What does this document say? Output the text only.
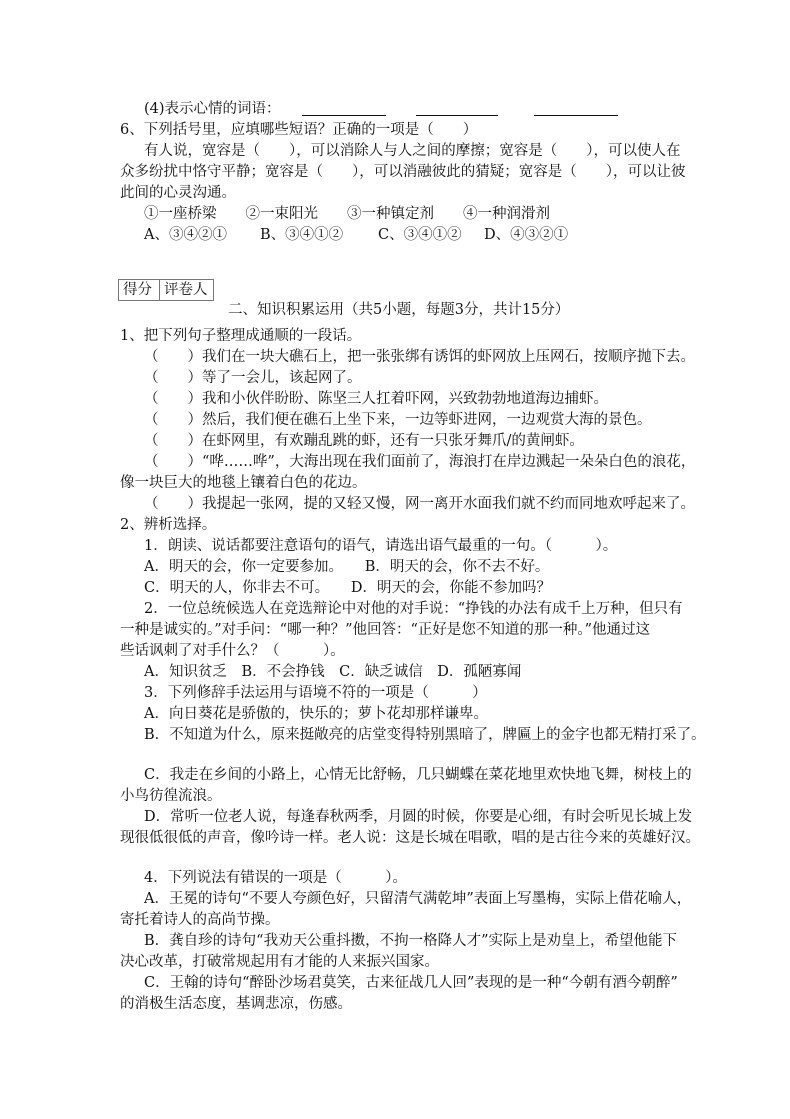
(4)表示心情的词语：
6、下列括号里，应填哪些短语？正确的一项是（　　）
有人说，宽容是（　　），可以消除人与人之间的摩擦；宽容是（　　），可以使人在
众多纷扰中恪守平静；宽容是（　　），可以消融彼此的猜疑；宽容是（　　），可以让彼
此间的心灵沟通。
①一座桥梁　　②一束阳光　　③一种镇定剂　　④一种润滑剂
A、③④②① B、③④①② C、③④①② D、④③②①
得分 评卷人
二、知识积累运用（共5小题，每题3分，共计15分）
1、把下列句子整理成通顺的一段话。
（　　）我们在一块大礁石上，把一张张绑有诱饵的虾网放上压网石，按顺序抛下去。
（　　）等了一会儿，该起网了。
（　　）我和小伙伴盼盼、陈坚三人扛着吓网，兴致勃勃地道海边捕虾。
（　　）然后，我们便在礁石上坐下来，一边等虾进网，一边观赏大海的景色。
（　　）在虾网里，有欢蹦乱跳的虾，还有一只张牙舞爪/的黄闸虾。
（　　）“哗……哗”，大海出现在我们面前了，海浪打在岸边溅起一朵朵白色的浪花，
像一块巨大的地毯上镶着白色的花边。
（　　）我提起一张网，提的又轻又慢，网一离开水面我们就不约而同地欢呼起来了。
2、辨析选择。
1．朗读、说话都要注意语句的语气，请选出语气最重的一句。（　　　）。
A．明天的会，你一定要参加。　　B．明天的会，你不去不好。
C．明天的人，你非去不可。　　D．明天的会，你能不参加吗？
2．一位总统候选人在竞选辩论中对他的对手说：“挣钱的办法有成千上万种，但只有
一种是诚实的。”对手问：“哪一种？”他回答：“正好是您不知道的那一种。”他通过这
些话讽刺了对手什么？（　　　）。
A．知识贫乏　B．不会挣钱　C．缺乏诚信　D．孤陋寡闻
3．下列修辞手法运用与语境不符的一项是（　　　）
A．向日葵花是骄傲的，快乐的；萝卜花却那样谦卑。
B．不知道为什么，原来挺敞亮的店堂变得特别黑暗了，牌匾上的金字也都无精打采了。
C．我走在乡间的小路上，心情无比舒畅，几只蝴蝶在菜花地里欢快地飞舞，树枝上的
小鸟彷徨流浪。
D．常听一位老人说，每逢春秋两季，月圆的时候，你要是心细，有时会听见长城上发
现很低很低的声音，像吟诗一样。老人说：这是长城在唱歌，唱的是古往今来的英雄好汉。
4．下列说法有错误的一项是（　　　）。
A．王冕的诗句“不要人夸颜色好，只留清气满乾坤”表面上写墨梅，实际上借花喻人，
寄托着诗人的高尚节操。
B．龚自珍的诗句“我劝天公重抖擞，不拘一格降人才”实际上是劝皇上，希望他能下
决心改革，打破常规起用有才能的人来振兴国家。
C．王翰的诗句“醉卧沙场君莫笑，古来征战几人回”表现的是一种“今朝有酒今朝醉”
的消极生活态度，基调悲凉，伤感。
